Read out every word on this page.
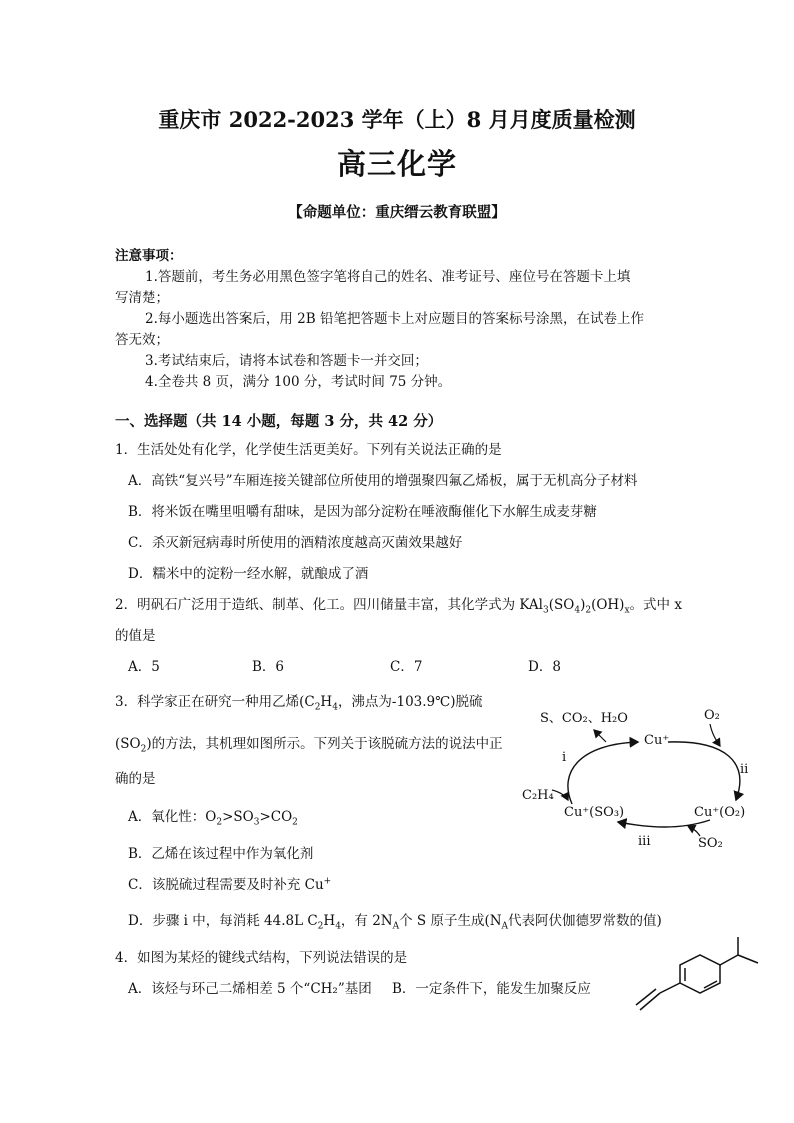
重庆市 2022-2023 学年（上）8 月月度质量检测
高三化学
【命题单位：重庆缙云教育联盟】
注意事项：
1.答题前，考生务必用黑色签字笔将自己的姓名、准考证号、座位号在答题卡上填
写清楚；
2.每小题选出答案后，用 2B 铅笔把答题卡上对应题目的答案标号涂黑，在试卷上作
答无效；
3.考试结束后，请将本试卷和答题卡一并交回；
4.全卷共 8 页，满分 100 分，考试时间 75 分钟。
一、选择题（共 14 小题，每题 3 分，共 42 分）
1．生活处处有化学，化学使生活更美好。下列有关说法正确的是
A．高铁“复兴号”车厢连接关键部位所使用的增强聚四氟乙烯板，属于无机高分子材料
B．将米饭在嘴里咀嚼有甜味，是因为部分淀粉在唾液酶催化下水解生成麦芽糖
C．杀灭新冠病毒时所使用的酒精浓度越高灭菌效果越好
D．糯米中的淀粉一经水解，就酿成了酒
2．明矾石广泛用于造纸、制革、化工。四川储量丰富，其化学式为 $KAl_3(SO_4)_2(OH)_x$。式中 x
的值是
A．5	B．6	C．7	D．8
3．科学家正在研究一种用乙烯($C_2H_4$，沸点为-103.9℃)脱硫
$(SO_2)$的方法，其机理如图所示。下列关于该脱硫方法的说法中正
确的是
A．氧化性：$O_2>SO_3>CO_2$
B．乙烯在该过程中作为氧化剂
C．该脱硫过程需要及时补充 Cu+
D．步骤 i 中，每消耗 44.8L $C_2H_4$，有 $2N_A$个 S 原子生成($N_A$代表阿伏伽德罗常数的值)
S、CO₂、H₂O
Cu⁺
O₂
i
ii
iii
C₂H₄
Cu⁺(SO₃)	Cu⁺(O₂)
SO₂
4．如图为某烃的键线式结构，下列说法错误的是
A．该烃与环己二烯相差 5 个“CH₂”基团 B．一定条件下，能发生加聚反应
